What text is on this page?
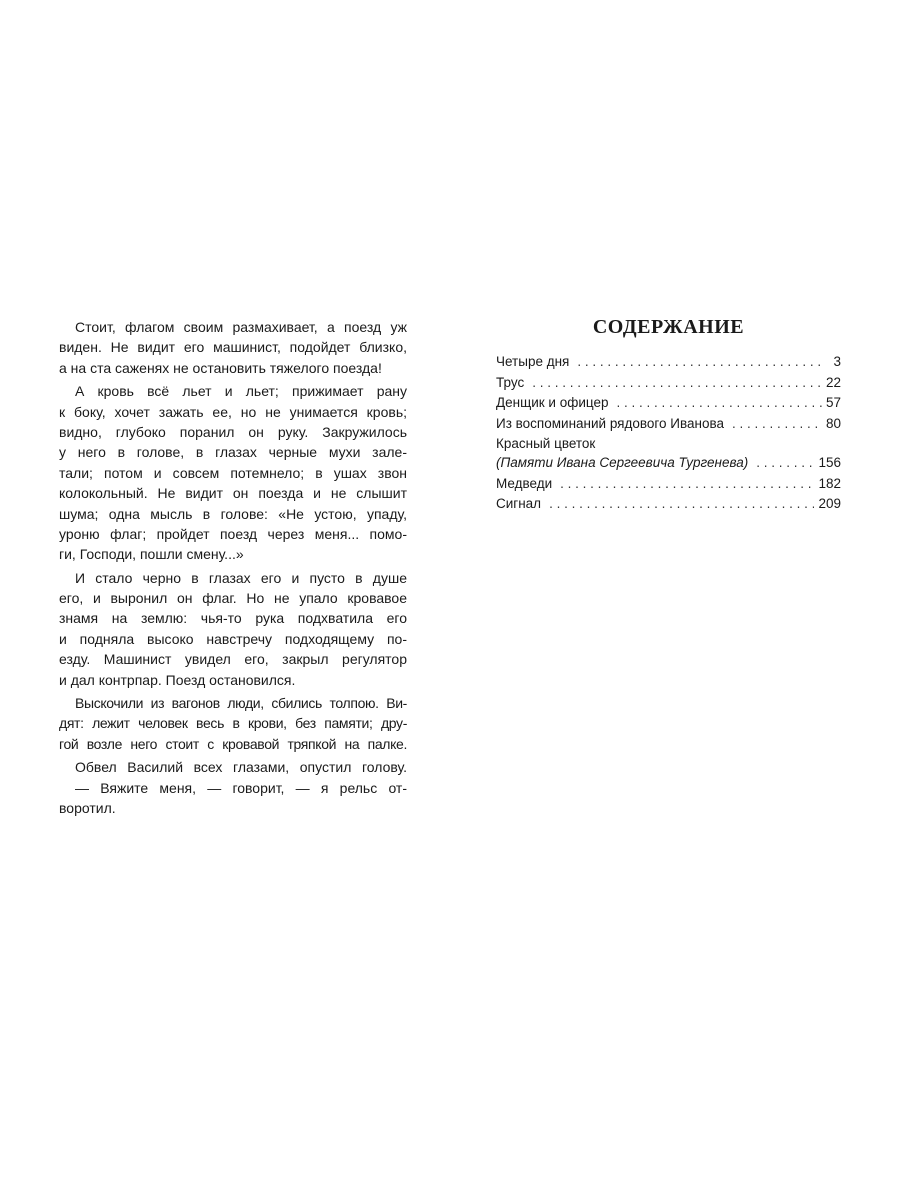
Стоит, флагом своим размахивает, а поезд уж
виден. Не видит его машинист, подойдет близко,
а на ста саженях не остановить тяжелого поезда!

А кровь всё льет и льет; прижимает рану
к боку, хочет зажать ее, но не унимается кровь;
видно, глубоко поранил он руку. Закружилось
у него в голове, в глазах черные мухи зале-
тали; потом и совсем потемнело; в ушах звон
колокольный. Не видит он поезда и не слышит
шума; одна мысль в голове: «Не устою, упаду,
уроню флаг; пройдет поезд через меня... помо-
ги, Господи, пошли смену...»

И стало черно в глазах его и пусто в душе
его, и выронил он флаг. Но не упало кровавое
знамя на землю: чья-то рука подхватила его
и подняла высоко навстречу подходящему по-
езду. Машинист увидел его, закрыл регулятор
и дал контрпар. Поезд остановился.

Выскочили из вагонов люди, сбились толпою. Ви-
дят: лежит человек весь в крови, без памяти; дру-
гой возле него стоит с кровавой тряпкой на палке.

Обвел Василий всех глазами, опустил голову.
— Вяжите меня, — говорит, — я рельс от-
воротил.

СОДЕРЖАНИЕ
Четыре дня . . .	3
Трус . . .	22
Денщик и офицер . . .	57
Из воспоминаний рядового Иванова . . .	80
Красный цветок
(Памяти Ивана Сергеевича Тургенева) . . .	156
Медведи . . .	182
Сигнал . . .	209
